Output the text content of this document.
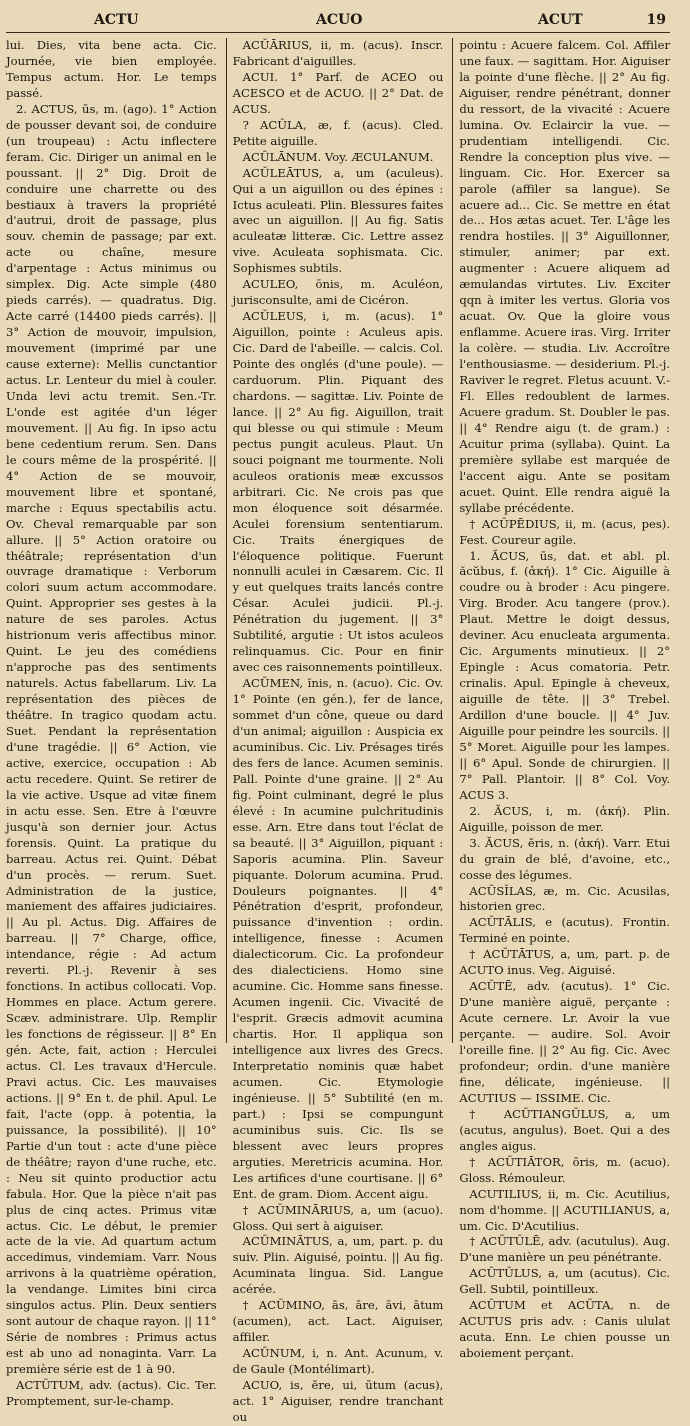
ACTU	ACUO	ACUT	19

lui. Dies, vita bene acta. Cic. Journée, vie bien employée. Tempus actum. Hor. Le temps passé.

2. ACTUS, ūs, m. (ago). 1° Action de pousser devant soi, de conduire (un troupeau) : Actu inflectere feram. Cic. Diriger un animal en le poussant. || 2° Dig. Droit de conduire une charrette ou des bestiaux à travers la propriété d'autrui, droit de passage, plus souv. chemin de passage; par ext. acte ou chaîne, mesure d'arpentage : Actus minimus ou simplex. Dig. Acte simple (480 pieds carrés). — quadratus. Dig. Acte carré (14400 pieds carrés). || 3° Action de mouvoir, impulsion, mouvement (imprimé par une cause externe): Mellis cunctantior actus. Lr. Lenteur du miel à couler. Unda levi actu tremit. Sen.-Tr. L'onde est agitée d'un léger mouvement. || Au fig. In ipso actu bene cedentium rerum. Sen. Dans le cours même de la prospérité. || 4° Action de se mouvoir, mouvement libre et spontané, marche : Equus spectabilis actu. Ov. Cheval remarquable par son allure. || 5° Action oratoire ou théâtrale; représentation d'un ouvrage dramatique : Verborum colori suum actum accommodare. Quint. Approprier ses gestes à la nature de ses paroles. Actus histrionum veris affectibus minor. Quint. Le jeu des comédiens n'approche pas des sentiments naturels. Actus fabellarum. Liv. La représentation des pièces de théâtre. In tragico quodam actu. Suet. Pendant la représentation d'une tragédie. || 6° Action, vie active, exercice, occupation : Ab actu recedere. Quint. Se retirer de la vie active. Usque ad vitæ finem in actu esse. Sen. Etre à l'œuvre jusqu'à son dernier jour. Actus forensis. Quint. La pratique du barreau. Actus rei. Quint. Débat d'un procès. — rerum. Suet. Administration de la justice, maniement des affaires judiciaires. || Au pl. Actus. Dig. Affaires de barreau. || 7° Charge, office, intendance, régie : Ad actum reverti. Pl.-j. Revenir à ses fonctions. In actibus collocati. Vop. Hommes en place. Actum gerere. Scæv. administrare. Ulp. Remplir les fonctions de régisseur. || 8° En gén. Acte, fait, action : Herculei actus. Cl. Les travaux d'Hercule. Pravi actus. Cic. Les mauvaises actions. || 9° En t. de phil. Apul. Le fait, l'acte (opp. à potentia, la puissance, la possibilité). || 10° Partie d'un tout : acte d'une pièce de théâtre; rayon d'une ruche, etc. : Neu sit quinto productior actu fabula. Hor. Que la pièce n'ait pas plus de cinq actes. Primus vitæ actus. Cic. Le début, le premier acte de la vie. Ad quartum actum accedimus, vindemiam. Varr. Nous arrivons à la quatrième opération, la vendange. Limites bini circa singulos actus. Plin. Deux sentiers sont autour de chaque rayon. || 11° Série de nombres : Primus actus est ab uno ad nonaginta. Varr. La première série est de 1 à 90.

ACTŪTUM, adv. (actus). Cic. Ter. Promptement, sur-le-champ.

ACŬĀRIUS, ii, m. (acus). Inscr. Fabricant d'aiguilles.

ACUI. 1° Parf. de ACEO ou ACESCO et de ACUO. || 2° Dat. de ACUS.

? ACŬLA, æ, f. (acus). Cled. Petite aiguille.

ACŪLĀNUM. Voy. ÆCULANUM.

ACŬLEĀTUS, a, um (aculeus). Qui a un aiguillon ou des épines : Ictus aculeati. Plin. Blessures faites avec un aiguillon. || Au fig. Satis aculeatæ litteræ. Cic. Lettre assez vive. Aculeata sophismata. Cic. Sophismes subtils.

ACULEO, ōnis, m. Aculéon, jurisconsulte, ami de Cicéron.

ACŬLEUS, i, m. (acus). 1° Aiguillon, pointe : Aculeus apis. Cic. Dard de l'abeille. — calcis. Col. Pointe des onglés (d'une poule). — carduorum. Plin. Piquant des chardons. — sagittæ. Liv. Pointe de lance. || 2° Au fig. Aiguillon, trait qui blesse ou qui stimule : Meum pectus pungit aculeus. Plaut. Un souci poignant me tourmente. Noli aculeos orationis meæ excussos arbitrari. Cic. Ne crois pas que mon éloquence soit désarmée. Aculei forensium sententiarum. Cic. Traits énergiques de l'éloquence politique. Fuerunt nonnulli aculei in Cæsarem. Cic. Il y eut quelques traits lancés contre César. Aculei judicii. Pl.-j. Pénétration du jugement. || 3° Subtilité, argutie : Ut istos aculeos relinquamus. Cic. Pour en finir avec ces raisonnements pointilleux.

ACŪMEN, ĭnis, n. (acuo). Cic. Ov. 1° Pointe (en gén.), fer de lance, sommet d'un cône, queue ou dard d'un animal; aiguillon : Auspicia ex acuminibus. Cic. Liv. Présages tirés des fers de lance. Acumen seminis. Pall. Pointe d'une graine. || 2° Au fig. Point culminant, degré le plus élevé : In acumine pulchritudinis esse. Arn. Etre dans tout l'éclat de sa beauté. || 3° Aiguillon, piquant : Saporis acumina. Plin. Saveur piquante. Dolorum acumina. Prud. Douleurs poignantes. || 4° Pénétration d'esprit, profondeur, puissance d'invention : ordin. intelligence, finesse : Acumen dialecticorum. Cic. La profondeur des dialecticiens. Homo sine acumine. Cic. Homme sans finesse. Acumen ingenii. Cic. Vivacité de l'esprit. Græcis admovit acumina chartis. Hor. Il appliqua son intelligence aux livres des Grecs. Interpretatio nominis quæ habet acumen. Cic. Etymologie ingénieuse. || 5° Subtilité (en m. part.) : Ipsi se compungunt acuminibus suis. Cic. Ils se blessent avec leurs propres arguties. Meretricis acumina. Hor. Les artifices d'une courtisane. || 6° Ent. de gram. Diom. Accent aigu.

† ACŪMINĀRIUS, a, um (acuo). Gloss. Qui sert à aiguiser.

ACŪMINĀTUS, a, um, part. p. du suiv. Plin. Aiguisé, pointu. || Au fig. Acuminata lingua. Sid. Langue acérée.

† ACŪMINO, ās, āre, āvi, ātum (acumen), act. Lact. Aiguiser, affiler.

ACŪNUM, i, n. Ant. Acunum, v. de Gaule (Montélimart).

ACUO, is, ĕre, ui, ūtum (acus), act. 1° Aiguiser, rendre tranchant ou

pointu : Acuere falcem. Col. Affiler une faux. — sagittam. Hor. Aiguiser la pointe d'une flèche. || 2° Au fig. Aiguiser, rendre pénétrant, donner du ressort, de la vivacité : Acuere lumina. Ov. Eclaircir la vue. — prudentiam intelligendi. Cic. Rendre la conception plus vive. — linguam. Cic. Hor. Exercer sa parole (affiler sa langue). Se acuere ad... Cic. Se mettre en état de... Hos ætas acuet. Ter. L'âge les rendra hostiles. || 3° Aiguillonner, stimuler, animer; par ext. augmenter : Acuere aliquem ad æmulandas virtutes. Liv. Exciter qqn à imiter les vertus. Gloria vos acuat. Ov. Que la gloire vous enflamme. Acuere iras. Virg. Irriter la colère. — studia. Liv. Accroître l'enthousiasme. — desiderium. Pl.-j. Raviver le regret. Fletus acuunt. V.-Fl. Elles redoublent de larmes. Acuere gradum. St. Doubler le pas. || 4° Rendre aigu (t. de gram.) : Acuitur prima (syllaba). Quint. La première syllabe est marquée de l'accent aigu. Ante se positam acuet. Quint. Elle rendra aiguë la syllabe précédente.

† ACŬPĒDIUS, ii, m. (acus, pes). Fest. Coureur agile.

1. ĂCUS, ūs, dat. et abl. pl. ăcŭbus, f. (ἀκή). 1° Cic. Aiguille à coudre ou à broder : Acu pingere. Virg. Broder. Acu tangere (prov.). Plaut. Mettre le doigt dessus, deviner. Acu enucleata argumenta. Cic. Arguments minutieux. || 2° Epingle : Acus comatoria. Petr. crinalis. Apul. Epingle à cheveux, aiguille de tête. || 3° Trebel. Ardillon d'une boucle. || 4° Juv. Aiguille pour peindre les sourcils. || 5° Moret. Aiguille pour les lampes. || 6° Apul. Sonde de chirurgien. || 7° Pall. Plantoir. || 8° Col. Voy. ACUS 3.

2. ĂCUS, i, m. (ἀκή). Plin. Aiguille, poisson de mer.

3. ĂCUS, ĕris, n. (ἀκή). Varr. Etui du grain de blé, d'avoine, etc., cosse des légumes.

ACŪSĬLAS, æ, m. Cic. Acusilas, historien grec.

ACŪTĀLIS, e (acutus). Frontin. Terminé en pointe.

† ACŪTĀTUS, a, um, part. p. de ACUTO inus. Veg. Aiguisé.

ACŪTĒ, adv. (acutus). 1° Cic. D'une manière aiguë, perçante : Acute cernere. Lr. Avoir la vue perçante. — audire. Sol. Avoir l'oreille fine. || 2° Au fig. Cic. Avec profondeur; ordin. d'une manière fine, délicate, ingénieuse. || ACUTIUS — ISSIME. Cic.

† ACŪTIANGŬLUS, a, um (acutus, angulus). Boet. Qui a des angles aigus.

† ACŪTIĀTOR, ōris, m. (acuo). Gloss. Rémouleur.

ACUTILIUS, ii, m. Cic. Acutilius, nom d'homme. || ACUTILIANUS, a, um. Cic. D'Acutilius.

† ACŪTŬLĒ, adv. (acutulus). Aug. D'une manière un peu pénétrante.

ACŪTŬLUS, a, um (acutus). Cic. Gell. Subtil, pointilleux.

ACŪTUM et ACŪTA, n. de ACUTUS pris adv. : Canis ululat acuta. Enn. Le chien pousse un aboiement perçant.
